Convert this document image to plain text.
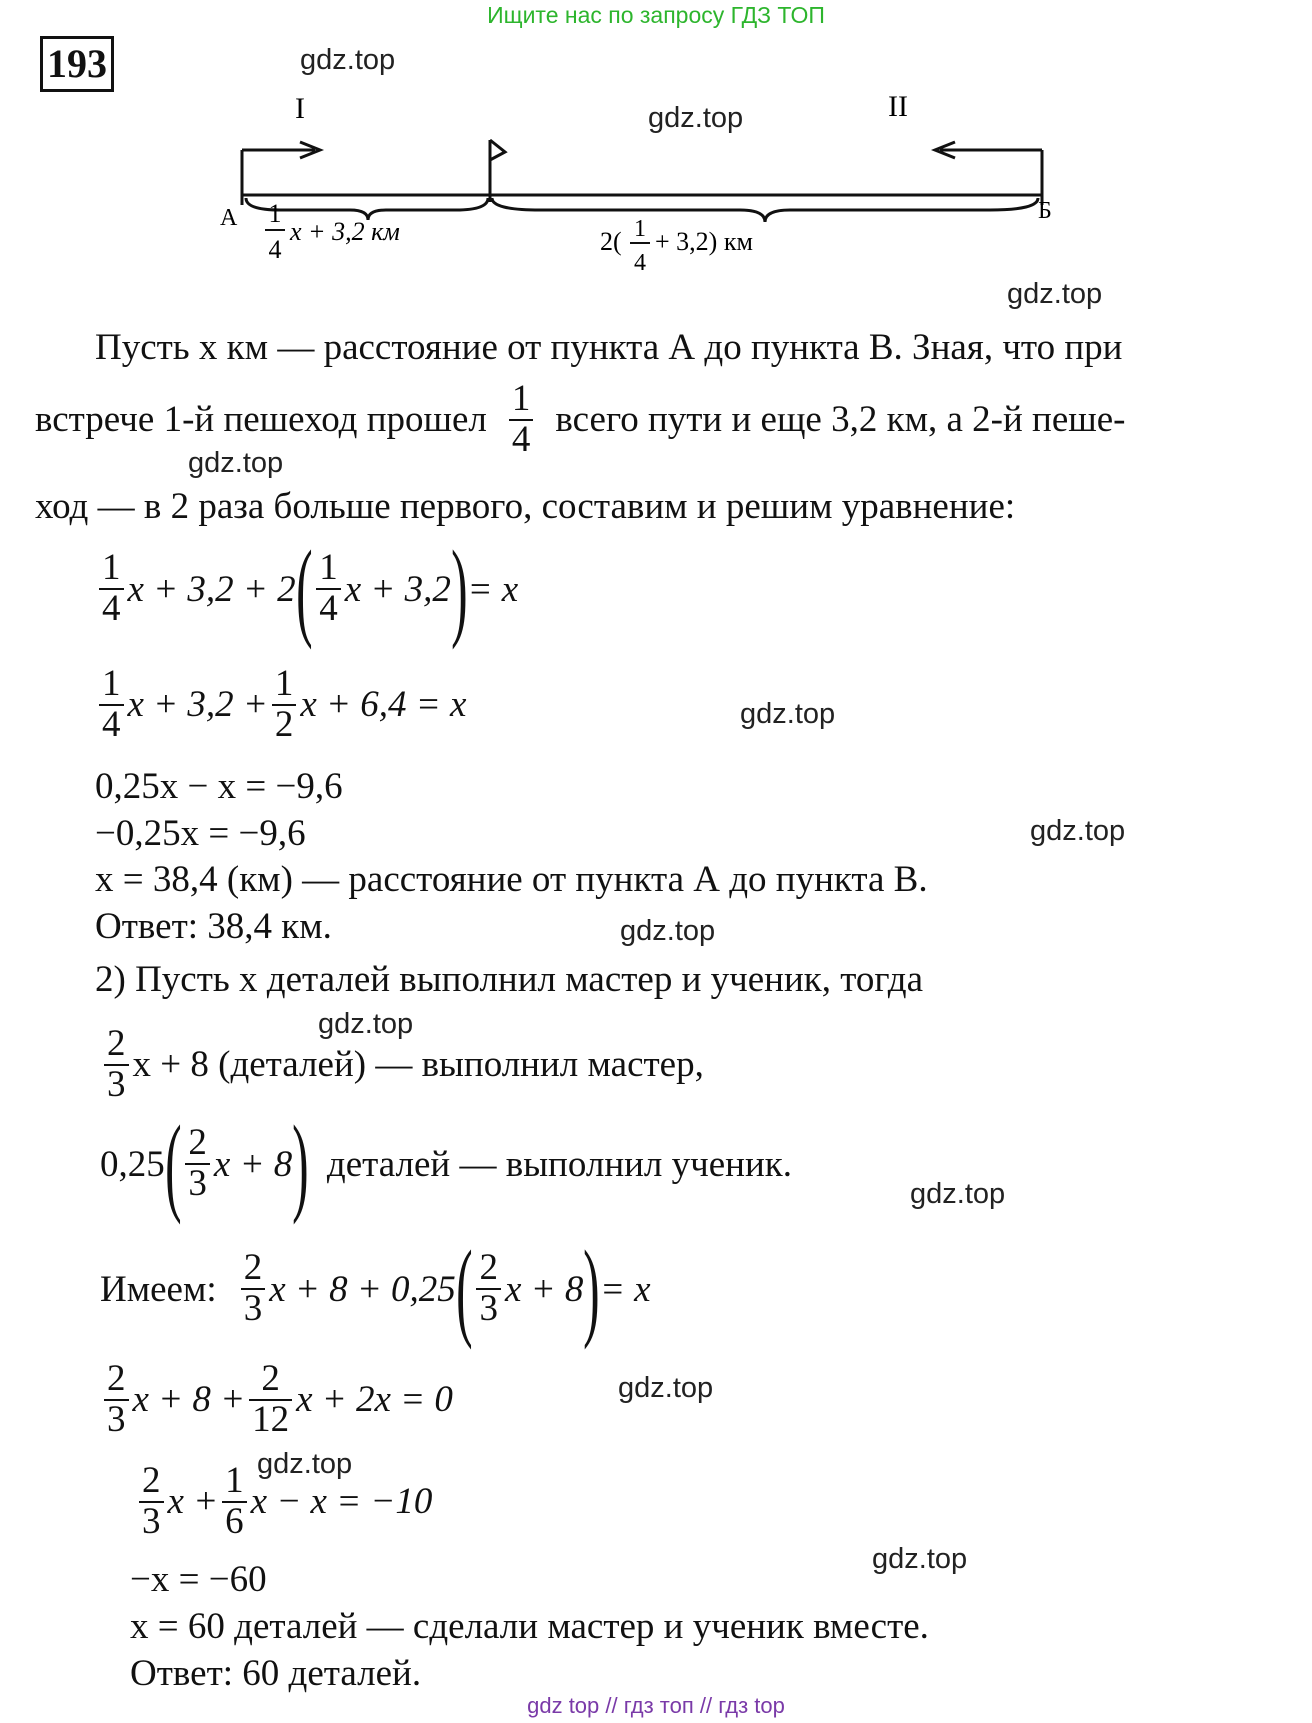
Ищите нас по запросу ГДЗ ТОП
193
I	II
А	Б
1
4
x + 3,2 км	2( 1
4
+ 3,2) км
gdz.top
gdz.top
gdz.top
gdz.top
gdz.top
gdz.top
gdz.top
gdz.top
gdz.top
gdz.top
gdz.top
gdz.top
Пусть x км — расстояние от пункта А до пункта В. Зная, что при
встрече 1-й пешеход прошел $\frac{1}{4}$ всего пути и еще 3,2 км, а 2-й пеше-
ход — в 2 раза больше первого, составим и решим уравнение:
$\frac{1}{4}$ x + 3,2 + 2 ( $\frac{1}{4}$ x + 3,2 ) = x
$\frac{1}{4}$ $x + 3,2 + \frac{1}{2}$ x + 6,4 = x
0,25x − x = −9,6
−0,25x = −9,6
x = 38,4 (км) — расстояние от пункта А до пункта В.
Ответ: 38,4 км.
2) Пусть x деталей выполнил мастер и ученик, тогда
$\frac{2}{3}$ x + 8 (деталей) — выполнил мастер,
0,25 ( $\frac{2}{3}$ x + 8 ) деталей — выполнил ученик.
Имеем: $\frac{2}{3}$ x + 8 + 0,25 ( $\frac{2}{3}$ x + 8 ) = x
$\frac{2}{3}$ $x + 8 + \frac{2}{12}$ x + 2x = 0
$\frac{2}{3}$ $x + \frac{1}{6}$ x − x = −10
−x = −60
x = 60 деталей — сделали мастер и ученик вместе.
Ответ: 60 деталей.
gdz top // гдз топ // гдз top
